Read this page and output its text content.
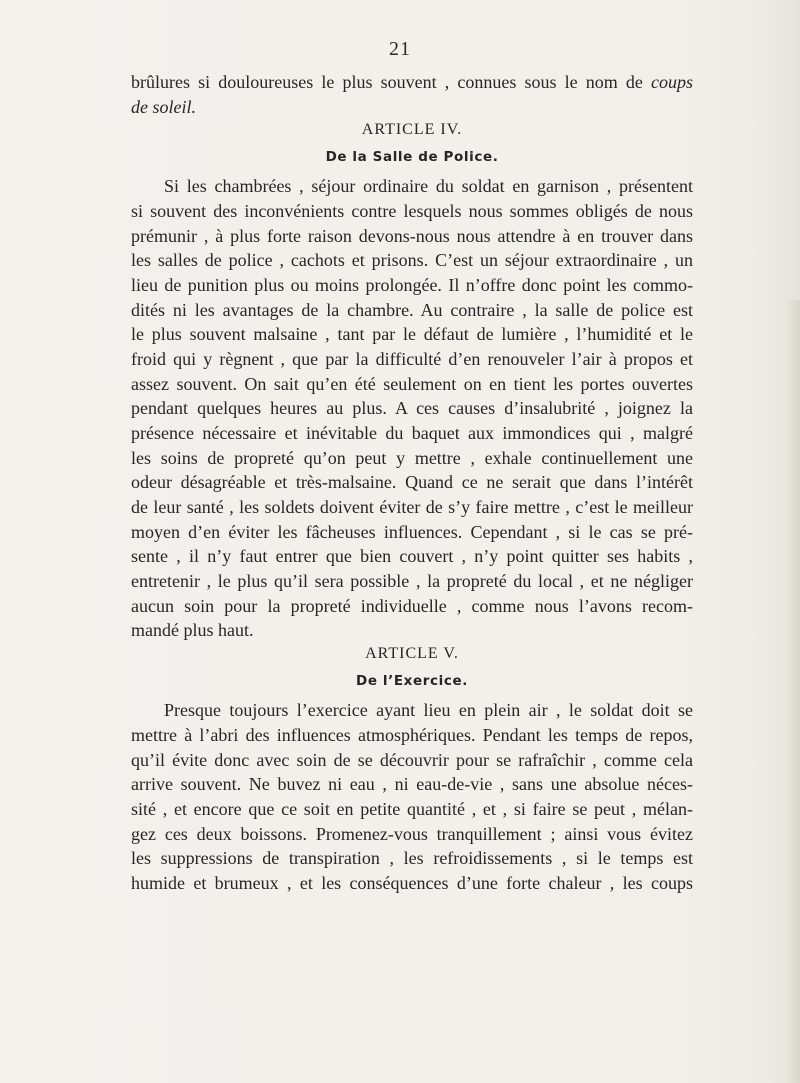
21
brûlures si douloureuses le plus souvent , connues sous le nom de coups
de soleil.
ARTICLE IV.
De la Salle de Police.
Si les chambrées , séjour ordinaire du soldat en garnison , présentent
si souvent des inconvénients contre lesquels nous sommes obligés de nous
prémunir , à plus forte raison devons-nous nous attendre à en trouver dans
les salles de police , cachots et prisons. C’est un séjour extraordinaire , un
lieu de punition plus ou moins prolongée. Il n’offre donc point les commo-
dités ni les avantages de la chambre. Au contraire , la salle de police est
le plus souvent malsaine , tant par le défaut de lumière , l’humidité et le
froid qui y règnent , que par la difficulté d’en renouveler l’air à propos et
assez souvent. On sait qu’en été seulement on en tient les portes ouvertes
pendant quelques heures au plus. A ces causes d’insalubrité , joignez la
présence nécessaire et inévitable du baquet aux immondices qui , malgré
les soins de propreté qu’on peut y mettre , exhale continuellement une
odeur désagréable et très-malsaine. Quand ce ne serait que dans l’intérêt
de leur santé , les soldets doivent éviter de s’y faire mettre , c’est le meilleur
moyen d’en éviter les fâcheuses influences. Cependant , si le cas se pré-
sente , il n’y faut entrer que bien couvert , n’y point quitter ses habits ,
entretenir , le plus qu’il sera possible , la propreté du local , et ne négliger
aucun soin pour la propreté individuelle , comme nous l’avons recom-
mandé plus haut.
ARTICLE V.
De l’Exercice.
Presque toujours l’exercice ayant lieu en plein air , le soldat doit se
mettre à l’abri des influences atmosphériques. Pendant les temps de repos,
qu’il évite donc avec soin de se découvrir pour se rafraîchir , comme cela
arrive souvent. Ne buvez ni eau , ni eau-de-vie , sans une absolue néces-
sité , et encore que ce soit en petite quantité , et , si faire se peut , mélan-
gez ces deux boissons. Promenez-vous tranquillement ; ainsi vous évitez
les suppressions de transpiration , les refroidissements , si le temps est
humide et brumeux , et les conséquences d’une forte chaleur , les coups
